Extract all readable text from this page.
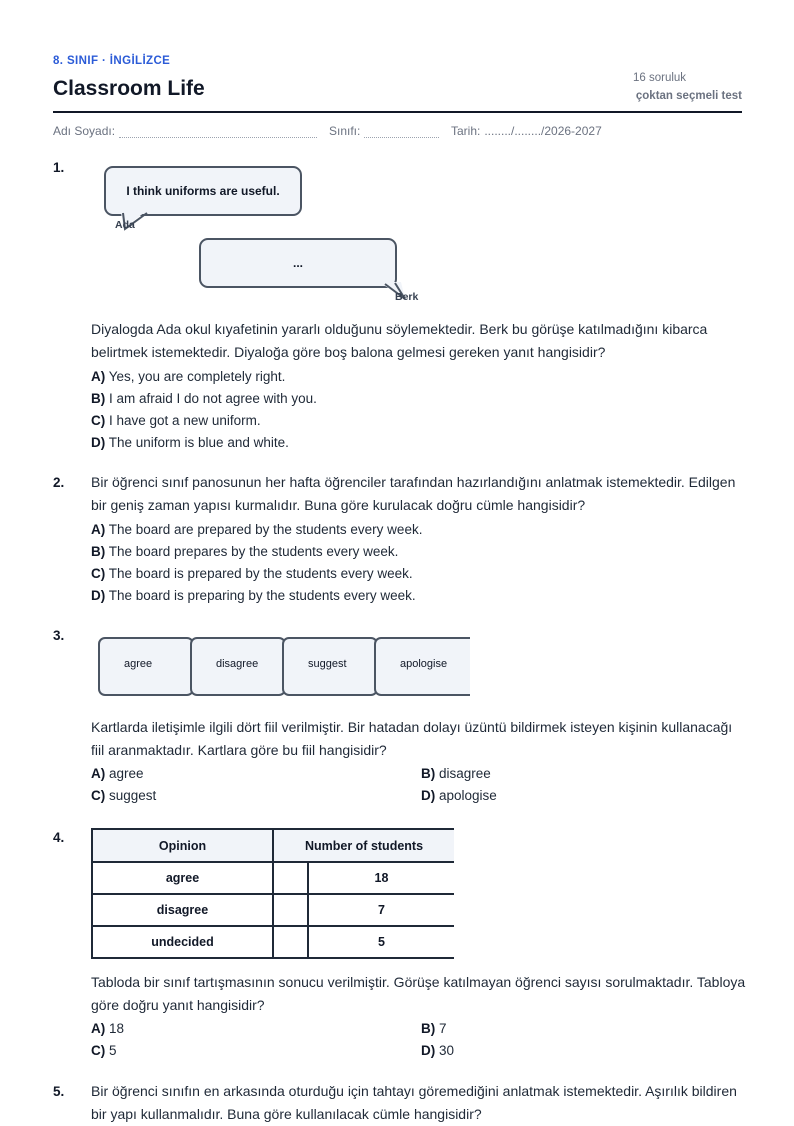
8. SINIF · İNGİLİZCE
Classroom Life	16 soruluk
çoktan seçmeli test
Adı Soyadı:	Sınıfı:	Tarih: ......../......../2026-2027
1.
I think uniforms are useful.
Ada
...
Berk
Diyalogda Ada okul kıyafetinin yararlı olduğunu söylemektedir. Berk bu görüşe katılmadığını kibarca belirtmek istemektedir. Diyaloğa göre boş balona gelmesi gereken yanıt hangisidir?
A) Yes, you are completely right.
B) I am afraid I do not agree with you.
C) I have got a new uniform.
D) The uniform is blue and white.
2. Bir öğrenci sınıf panosunun her hafta öğrenciler tarafından hazırlandığını anlatmak istemektedir. Edilgen bir geniş zaman yapısı kurmalıdır. Buna göre kurulacak doğru cümle hangisidir?
A) The board are prepared by the students every week.
B) The board prepares by the students every week.
C) The board is prepared by the students every week.
D) The board is preparing by the students every week.
3.
agree	disagree	suggest	apologise
Kartlarda iletişimle ilgili dört fiil verilmiştir. Bir hatadan dolayı üzüntü bildirmek isteyen kişinin kullanacağı fiil aranmaktadır. Kartlara göre bu fiil hangisidir?
A) agree	B) disagree
C) suggest	D) apologise
4.
Opinion	Number of students	
agree		18
disagree		7
undecided		5
Tabloda bir sınıf tartışmasının sonucu verilmiştir. Görüşe katılmayan öğrenci sayısı sorulmaktadır. Tabloya göre doğru yanıt hangisidir?
A) 18	B) 7
C) 5	D) 30
5. Bir öğrenci sınıfın en arkasında oturduğu için tahtayı göremediğini anlatmak istemektedir. Aşırılık bildiren bir yapı kullanmalıdır. Buna göre kullanılacak cümle hangisidir?
